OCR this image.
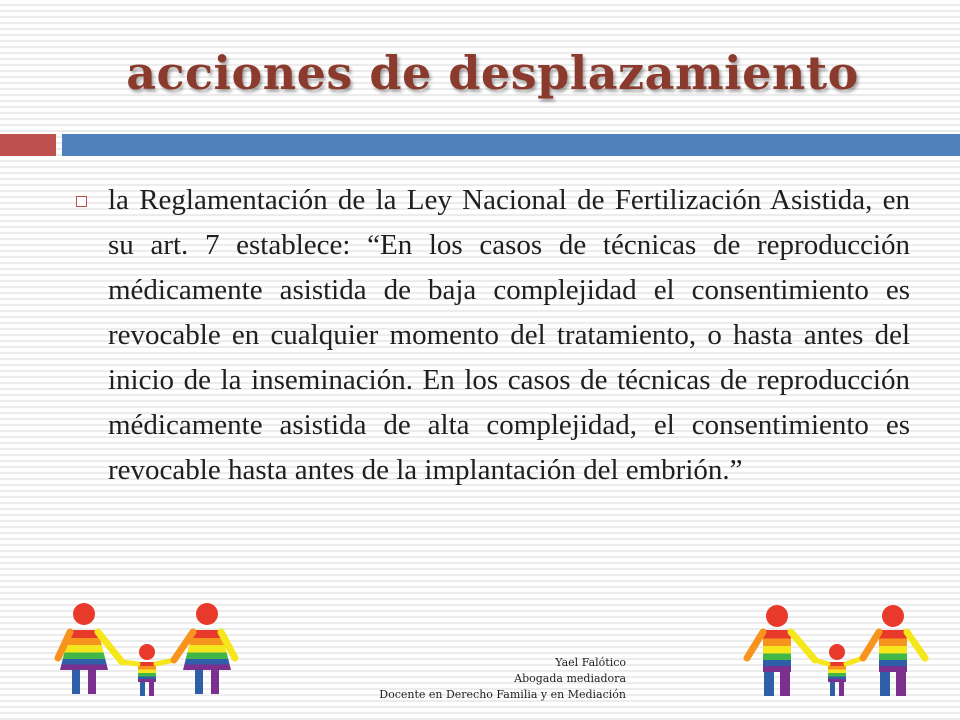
acciones de desplazamiento

la Reglamentación de la Ley Nacional de Fertilización Asistida, en su art. 7 establece: “En los casos de técnicas de reproducción médicamente asistida de baja complejidad el consentimiento es revocable en cualquier momento del tratamiento, o hasta antes del inicio de la inseminación. En los casos de técnicas de reproducción médicamente asistida de alta complejidad, el consentimiento es revocable hasta antes de la implantación del embrión.”

Yael Falótico
Abogada mediadora
Docente en Derecho Familia y en Mediación
